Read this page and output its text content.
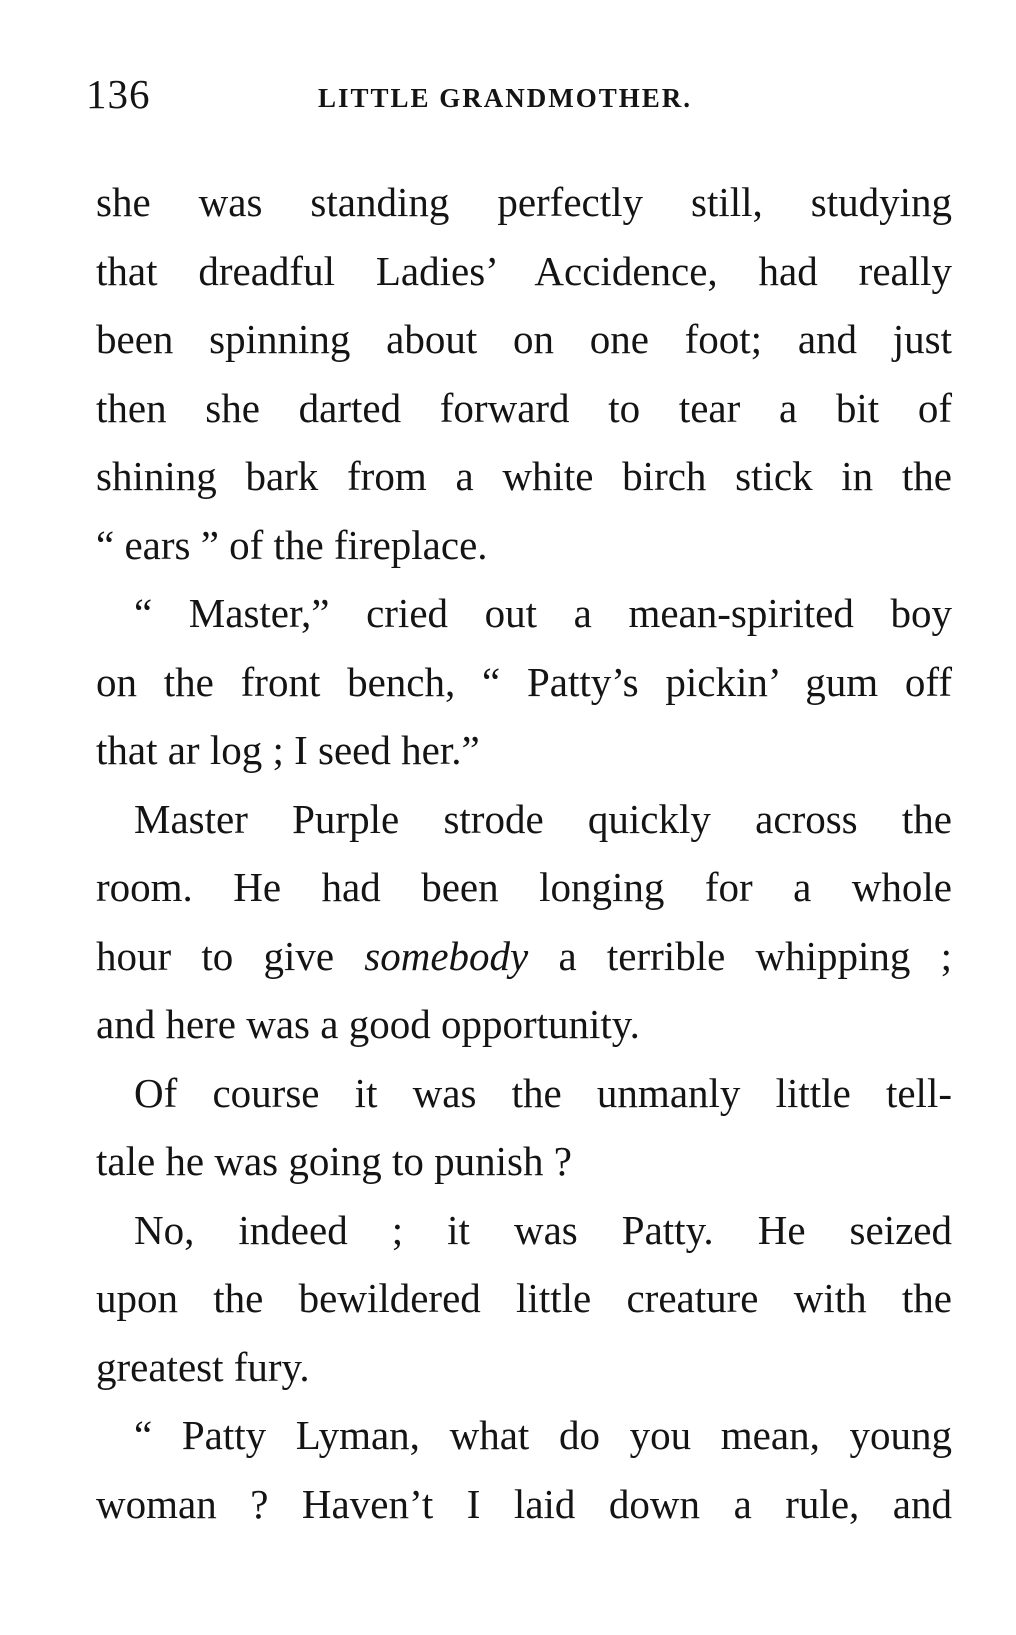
136	LITTLE GRANDMOTHER.
she was standing perfectly still, studying
that dreadful Ladies’ Accidence, had really
been spinning about on one foot; and just
then she darted forward to tear a bit of
shining bark from a white birch stick in the
“ ears ” of the fireplace.
“ Master,” cried out a mean-spirited boy
on the front bench, “ Patty’s pickin’ gum off
that ar log ; I seed her.”
Master Purple strode quickly across the
room. He had been longing for a whole
hour to give somebody a terrible whipping ;
and here was a good opportunity.
Of course it was the unmanly little tell-
tale he was going to punish ?
No, indeed ; it was Patty. He seized
upon the bewildered little creature with the
greatest fury.
“ Patty Lyman, what do you mean, young
woman ? Haven’t I laid down a rule, and
